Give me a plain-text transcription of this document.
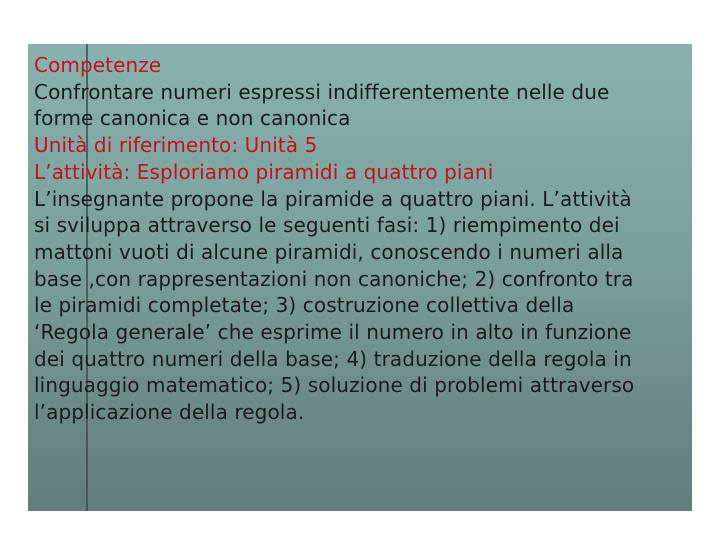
Competenze
Confrontare numeri espressi indifferentemente nelle due
forme canonica e non canonica
Unità di riferimento: Unità 5
L’attività: Esploriamo piramidi a quattro piani
L’insegnante propone la piramide a quattro piani. L’attività
si sviluppa attraverso le seguenti fasi: 1) riempimento dei
mattoni vuoti di alcune piramidi, conoscendo i numeri alla
base ,con rappresentazioni non canoniche; 2) confronto tra
le piramidi completate; 3) costruzione collettiva della
‘Regola generale’ che esprime il numero in alto in funzione
dei quattro numeri della base; 4) traduzione della regola in
linguaggio matematico; 5) soluzione di problemi attraverso
l’applicazione della regola.
